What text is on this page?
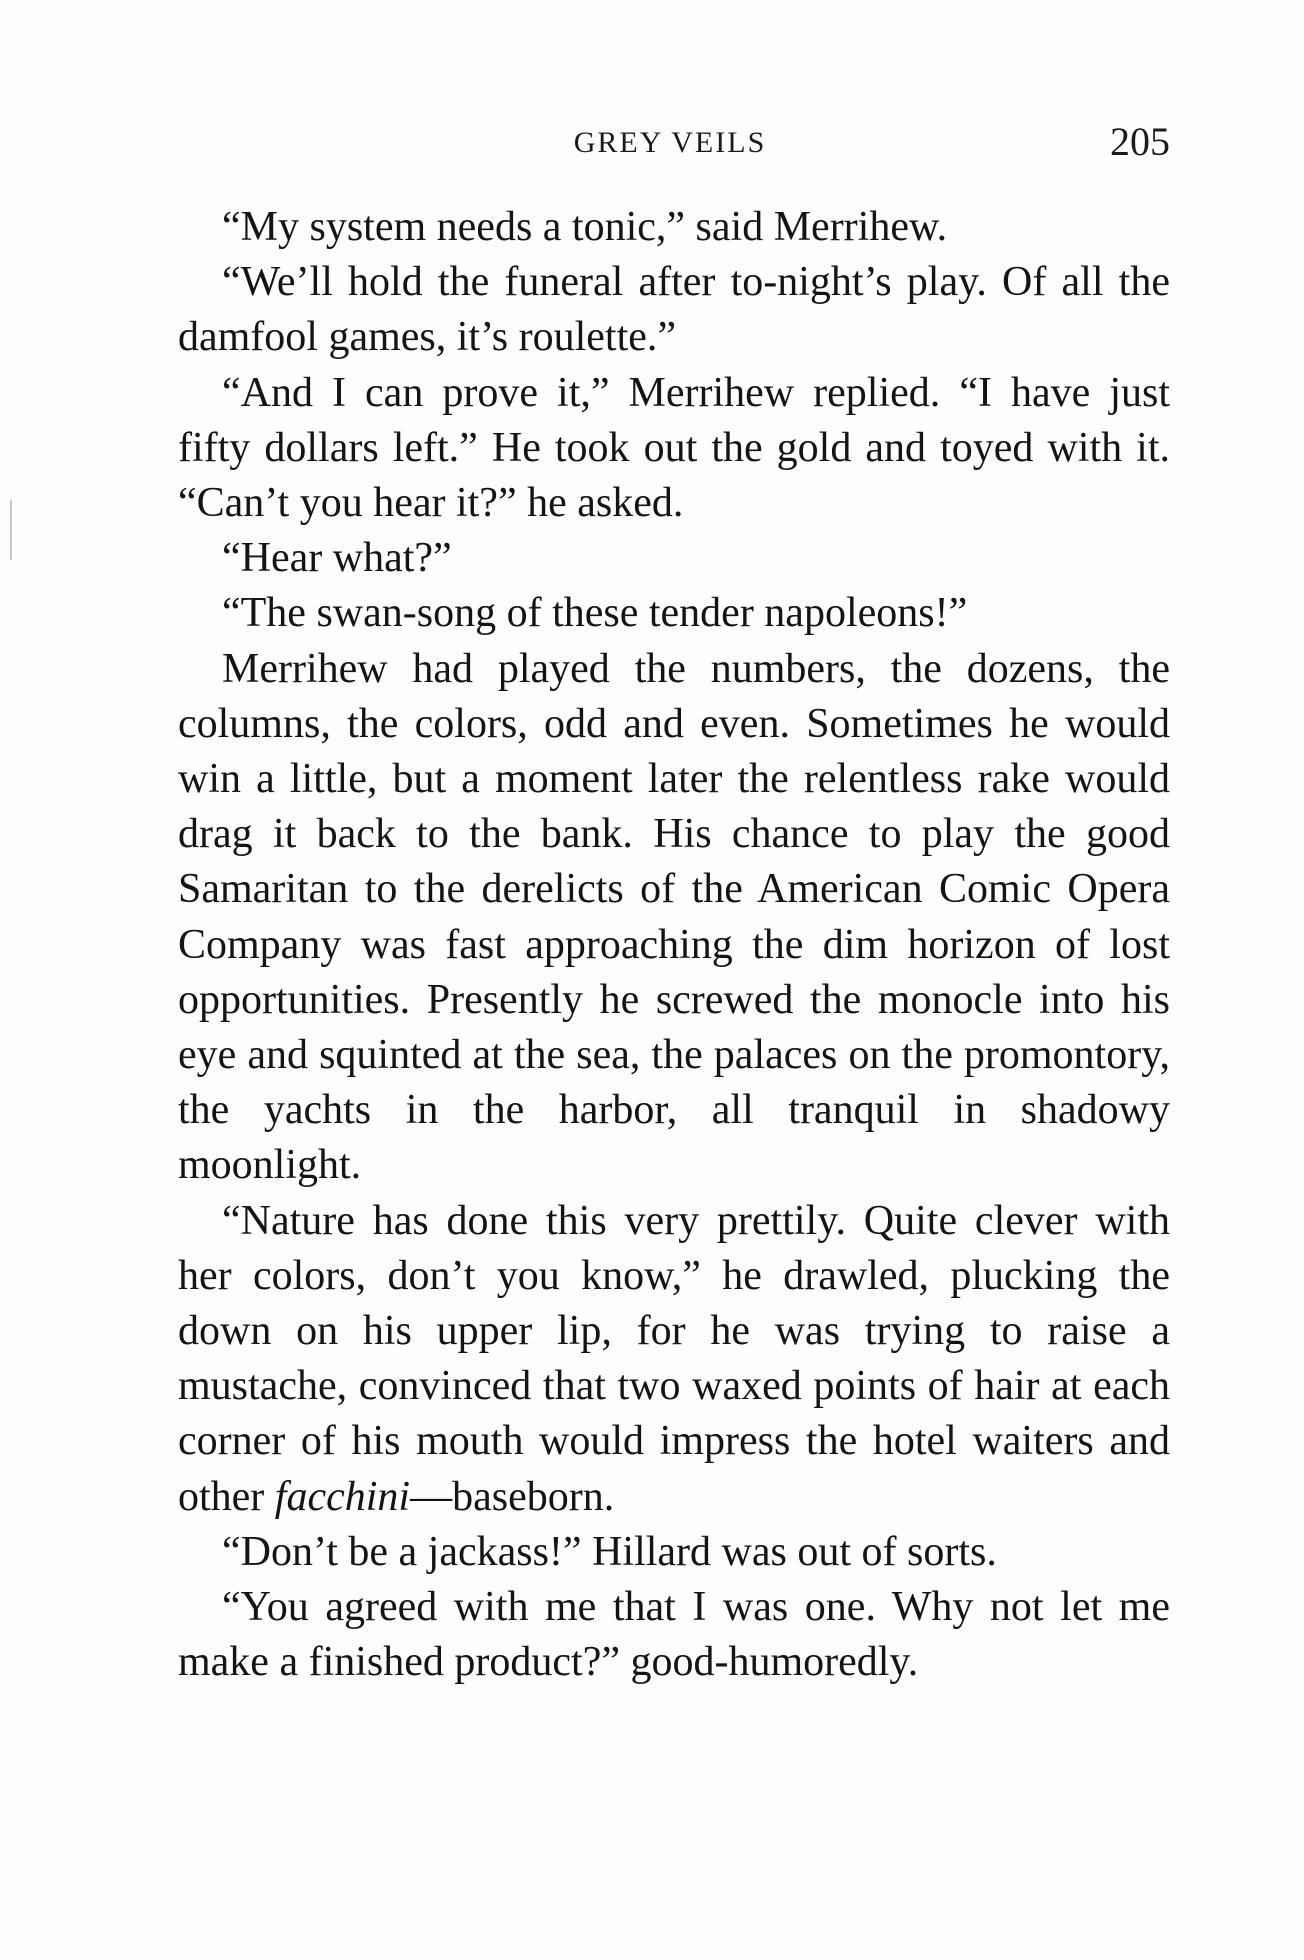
GREY VEILS	205

“My system needs a tonic,” said Merrihew.

“We’ll hold the funeral after to-night’s play. Of all the damfool games, it’s roulette.”

“And I can prove it,” Merrihew replied. “I have just fifty dollars left.” He took out the gold and toyed with it. “Can’t you hear it?” he asked.

“Hear what?”

“The swan-song of these tender napoleons!”

Merrihew had played the numbers, the dozens, the columns, the colors, odd and even. Sometimes he would win a little, but a moment later the relentless rake would drag it back to the bank. His chance to play the good Samaritan to the derelicts of the American Comic Opera Company was fast approaching the dim horizon of lost opportunities. Presently he screwed the monocle into his eye and squinted at the sea, the palaces on the promontory, the yachts in the harbor, all tranquil in shadowy moonlight.

“Nature has done this very prettily. Quite clever with her colors, don’t you know,” he drawled, plucking the down on his upper lip, for he was trying to raise a mustache, convinced that two waxed points of hair at each corner of his mouth would impress the hotel waiters and other facchini—baseborn.

“Don’t be a jackass!” Hillard was out of sorts.

“You agreed with me that I was one. Why not let me make a finished product?” good-humoredly.
